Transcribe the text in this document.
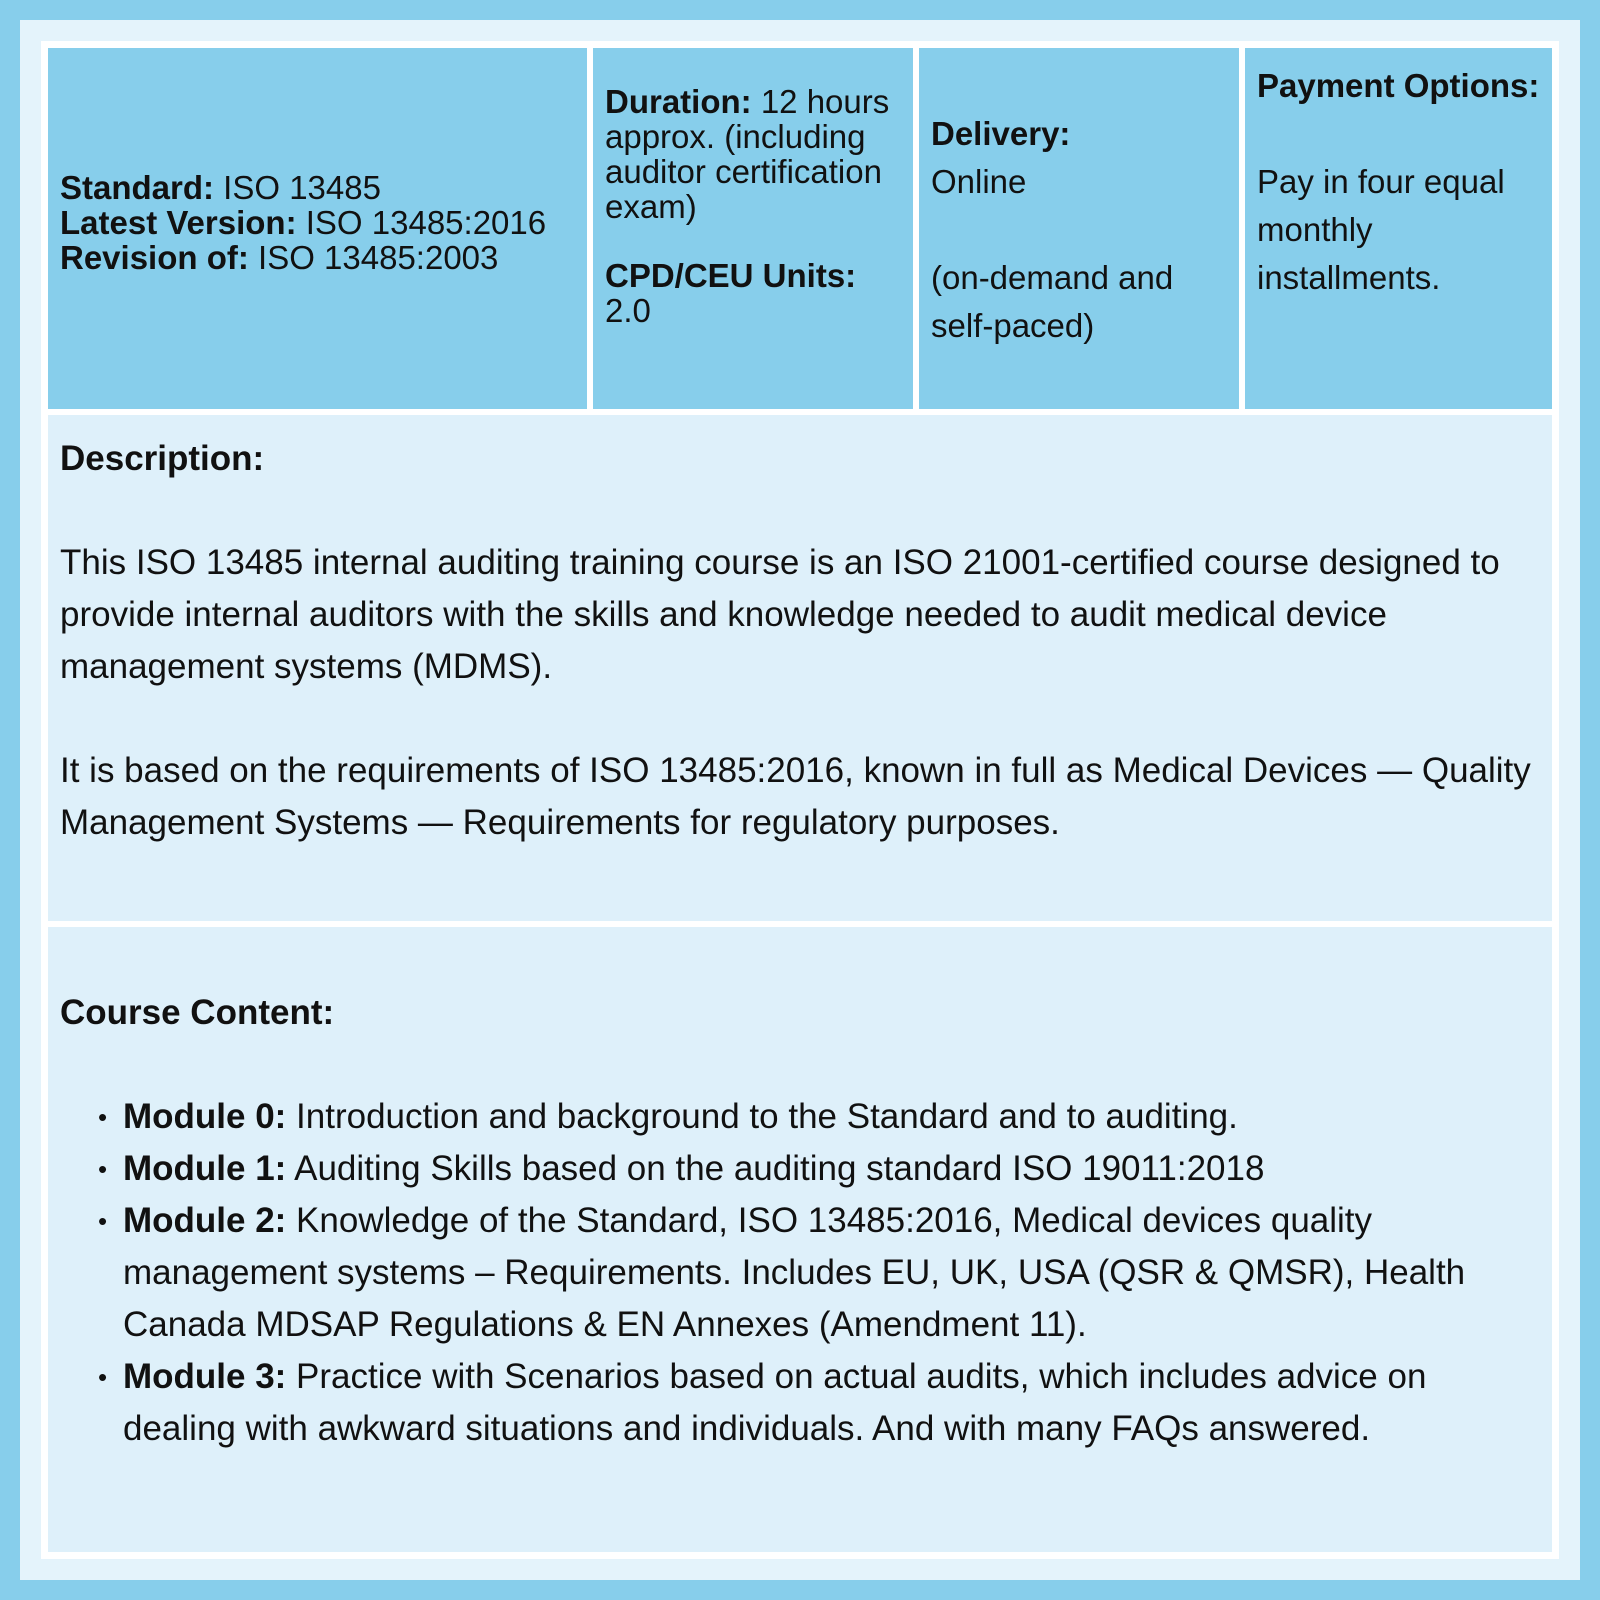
Standard: ISO 13485
Latest Version: ISO 13485:2016
Revision of: ISO 13485:2003
Duration: 12 hours approx. (including auditor certification exam)
CPD/CEU Units:
2.0
Delivery:
Online
(on-demand and self-paced)
Payment Options:
Pay in four equal monthly installments.
Description:

This ISO 13485 internal auditing training course is an ISO 21001-certified course designed to provide internal auditors with the skills and knowledge needed to audit medical device management systems (MDMS).

It is based on the requirements of ISO 13485:2016, known in full as Medical Devices — Quality Management Systems — Requirements for regulatory purposes.

Course Content:
• Module 0: Introduction and background to the Standard and to auditing.
• Module 1: Auditing Skills based on the auditing standard ISO 19011:2018
• Module 2: Knowledge of the Standard, ISO 13485:2016, Medical devices quality management systems – Requirements. Includes EU, UK, USA (QSR & QMSR), Health Canada MDSAP Regulations & EN Annexes (Amendment 11).
• Module 3: Practice with Scenarios based on actual audits, which includes advice on dealing with awkward situations and individuals. And with many FAQs answered.
